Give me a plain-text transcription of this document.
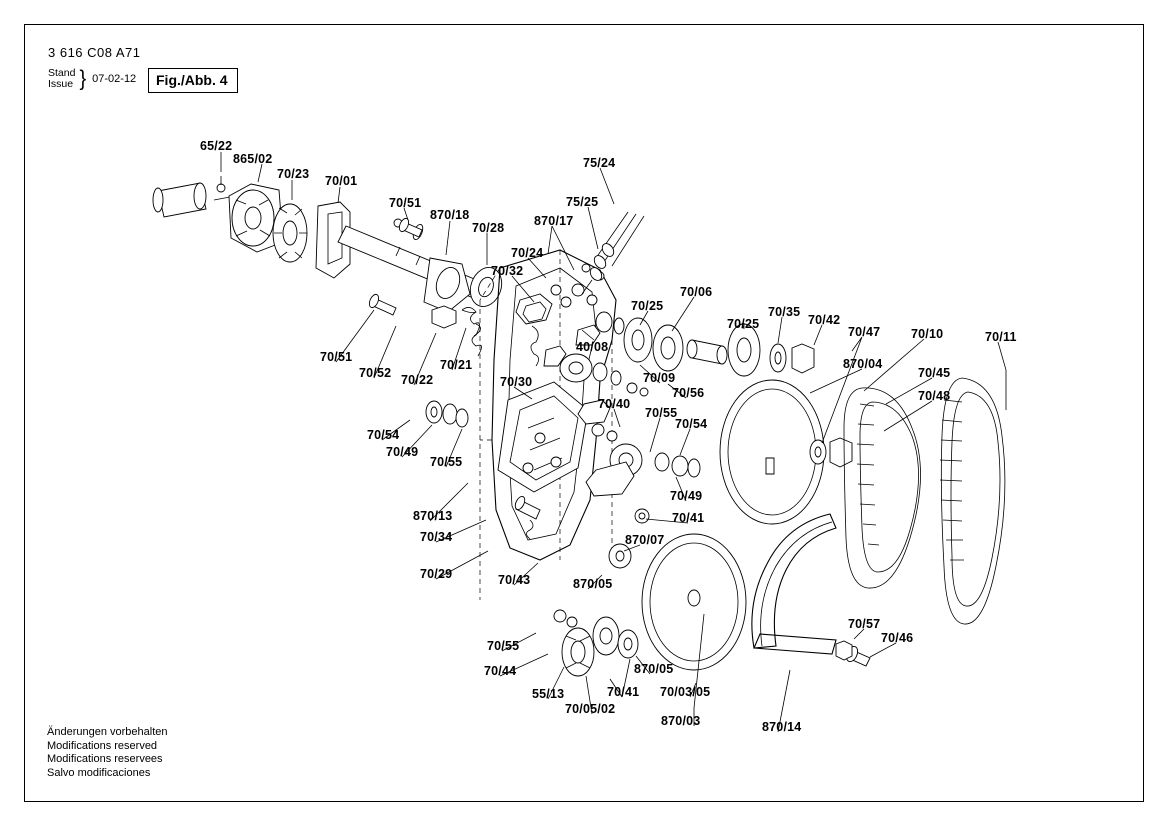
3 616 C08 A71
Stand
Issue } 07-02-12	Fig./Abb. 4
65/22
865/02
70/23 70/01
70/51
870/18
70/28 870/17
75/24
75/25
70/24
70/32
70/25
70/06
70/25
70/35
70/42
70/47 70/10	70/11
870/04
70/45
70/48
40/08
70/09
70/56
70/40
70/55
70/54
70/51
70/52 70/22
70/21
70/30
70/54
70/49
70/55
70/49
70/41
870/13
70/34
70/29	70/43
870/07
870/05
70/55
70/44
55/13	70/41
70/05/02
870/05
70/03/05
870/03	870/14
70/57
70/46
Änderungen vorbehalten
Modifications reserved
Modifications reservees
Salvo modificaciones
